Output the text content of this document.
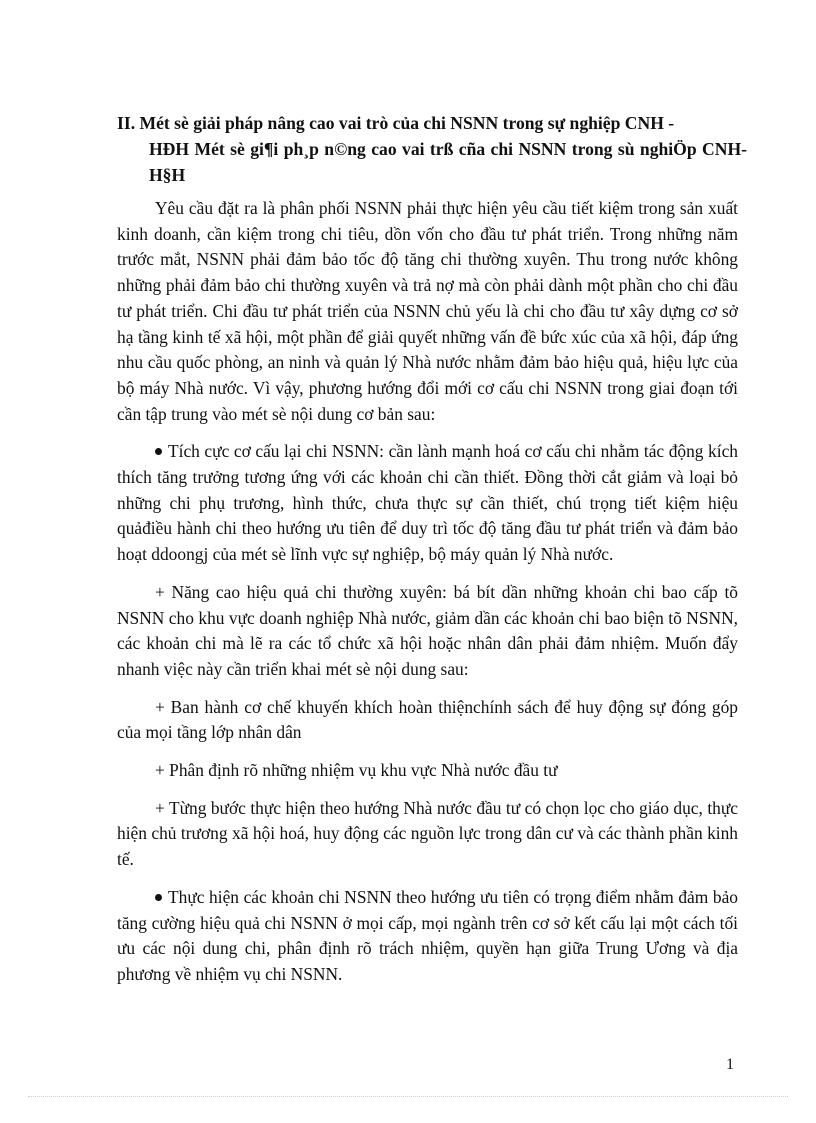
II. Mét sè giải pháp nâng cao vai trò của chi NSNN trong sự nghiệp CNH -
HĐH Mét sè gi¶i ph¸p n©ng cao vai trß cña chi NSNN trong sù nghiÖp CNH-H§H

Yêu cầu đặt ra là phân phối NSNN phải thực hiện yêu cầu tiết kiệm trong sản xuất kinh doanh, cần kiệm trong chi tiêu, dồn vốn cho đầu tư phát triển. Trong những năm trước mắt, NSNN phải đảm bảo tốc độ tăng chi thường xuyên. Thu trong nước không những phải đảm bảo chi thường xuyên và trả nợ mà còn phải dành một phần cho chi đầu tư phát triển. Chi đầu tư phát triển của NSNN chủ yếu là chi cho đầu tư xây dựng cơ sở hạ tầng kinh tế xã hội, một phần để giải quyết những vấn đề bức xúc của xã hội, đáp ứng nhu cầu quốc phòng, an ninh và quản lý Nhà nước nhằm đảm bảo hiệu quả, hiệu lực của bộ máy Nhà nước. Vì vậy, phương hướng đổi mới cơ cấu chi NSNN trong giai đoạn tới cần tập trung vào mét sè nội dung cơ bản sau:

Tích cực cơ cấu lại chi NSNN: cần lành mạnh hoá cơ cấu chi nhằm tác động kích thích tăng trưởng tương ứng với các khoản chi cần thiết. Đồng thời cắt giảm và loại bỏ những chi phụ trương, hình thức, chưa thực sự cần thiết, chú trọng tiết kiệm hiệu quảđiều hành chi theo hướng ưu tiên để duy trì tốc độ tăng đầu tư phát triển và đảm bảo hoạt ddoongj của mét sè lĩnh vực sự nghiệp, bộ máy quản lý Nhà nước.

+ Năng cao hiệu quả chi thường xuyên: bá bít dần những khoản chi bao cấp tõ NSNN cho khu vực doanh nghiệp Nhà nước, giảm dần các khoản chi bao biện tõ NSNN, các khoản chi mà lẽ ra các tổ chức xã hội hoặc nhân dân phải đảm nhiệm. Muốn đẩy nhanh việc này cần triển khai mét sè nội dung sau:

+ Ban hành cơ chế khuyến khích hoàn thiệnchính sách để huy động sự đóng góp của mọi tầng lớp nhân dân

+ Phân định rõ những nhiệm vụ khu vực Nhà nước đầu tư

+ Từng bước thực hiện theo hướng Nhà nước đầu tư có chọn lọc cho giáo dục, thực hiện chủ trương xã hội hoá, huy động các nguồn lực trong dân cư và các thành phần kinh tế.

Thực hiện các khoản chi NSNN theo hướng ưu tiên có trọng điểm nhằm đảm bảo tăng cường hiệu quả chi NSNN ở mọi cấp, mọi ngành trên cơ sở kết cấu lại một cách tối ưu các nội dung chi, phân định rõ trách nhiệm, quyền hạn giữa Trung Ương và địa phương về nhiệm vụ chi NSNN.

1
